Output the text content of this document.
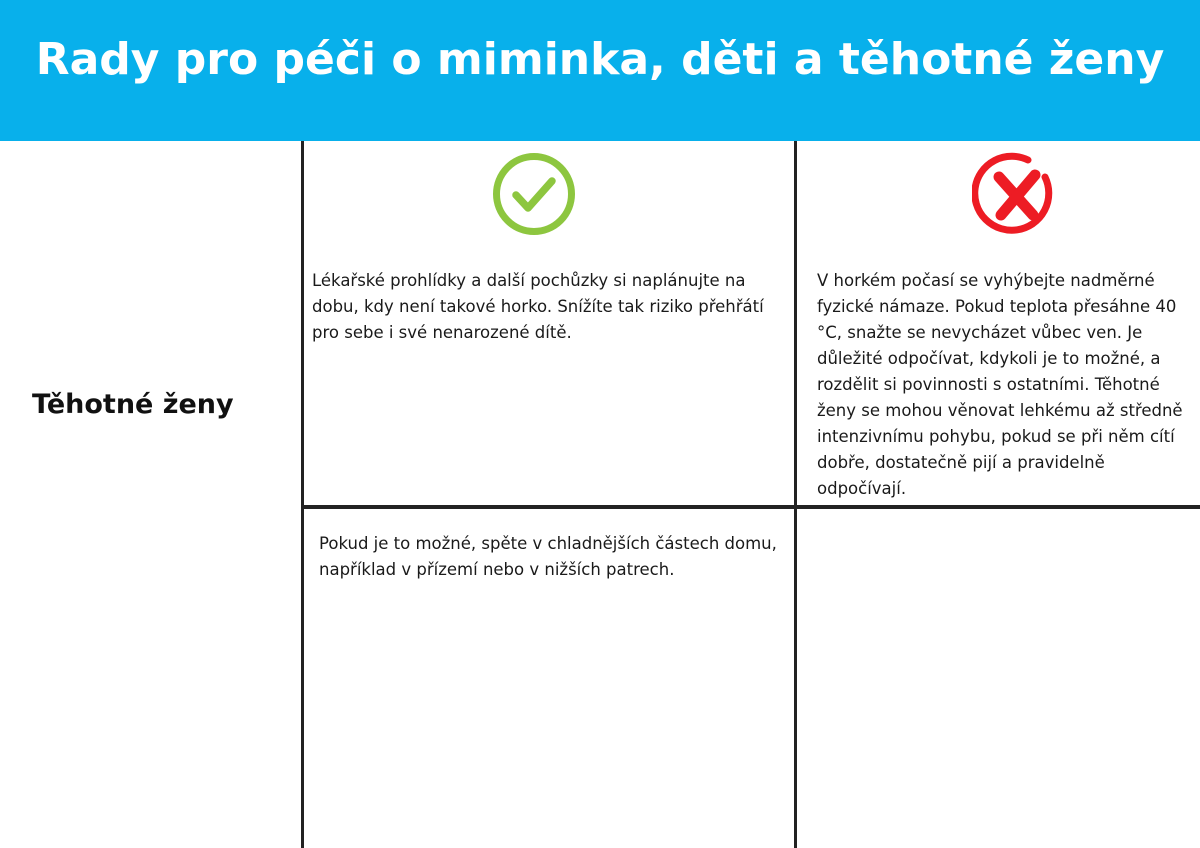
Rady pro péči o miminka, děti a těhotné ženy
Těhotné ženy
Lékařské prohlídky a další pochůzky si naplánujte na dobu, kdy není takové horko. Snížíte tak riziko přehřátí pro sebe i své nenarozené dítě.
V horkém počasí se vyhýbejte nadměrné fyzické námaze. Pokud teplota přesáhne 40 °C, snažte se nevycházet vůbec ven. Je důležité odpočívat, kdykoli je to možné, a rozdělit si povinnosti s ostatními. Těhotné ženy se mohou věnovat lehkému až středně intenzivnímu pohybu, pokud se při něm cítí dobře, dostatečně pijí a pravidelně odpočívají.
Pokud je to možné, spěte v chladnějších částech domu, například v přízemí nebo v nižších patrech.
